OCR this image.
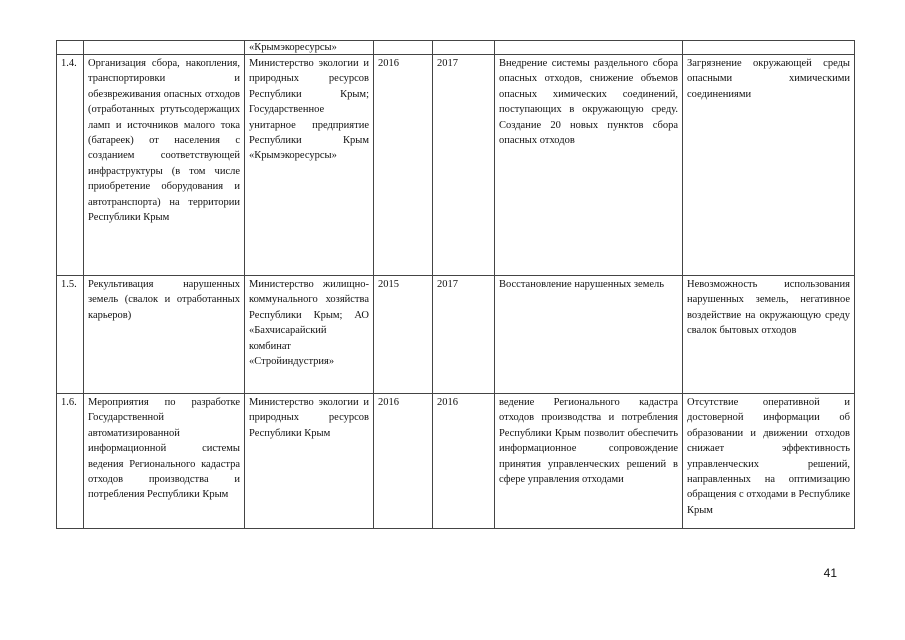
		«Крымэкоресурсы»				
1.4.	Организация сбора, накопления, транспортировки и обезвреживания опасных отходов (отработанных ртутьсодержащих ламп и источников малого тока (батареек) от населения с созданием соответствующей инфраструктуры (в том числе приобретение оборудования и автотранспорта) на территории Республики Крым	Министерство экологии и природных ресурсов Республики Крым; Государственное унитарное предприятие Республики Крым «Крымэкоресурсы»	2016	2017	Внедрение системы раздельного сбора опасных отходов, снижение объемов опасных химических соединений, поступающих в окружающую среду. Создание 20 новых пунктов сбора опасных отходов	Загрязнение окружающей среды опасными химическими соединениями
1.5.	Рекультивация нарушенных земель (свалок и отработанных карьеров)	Министерство жилищно-коммунального хозяйства Республики Крым; АО «Бахчисарайский комбинат «Стройиндустрия»	2015	2017	Восстановление нарушенных земель	Невозможность использования нарушенных земель, негативное воздействие на окружающую среду свалок бытовых отходов
1.6.	Мероприятия по разработке Государственной автоматизированной информационной системы ведения Регионального кадастра отходов производства и потребления Республики Крым	Министерство экологии и природных ресурсов Республики Крым	2016	2016	ведение Регионального кадастра отходов производства и потребления Республики Крым позволит обеспечить информационное сопровождение принятия управленческих решений в сфере управления отходами	Отсутствие оперативной и достоверной информации об образовании и движении отходов снижает эффективность управленческих решений, направленных на оптимизацию обращения с отходами в Республике Крым
41
